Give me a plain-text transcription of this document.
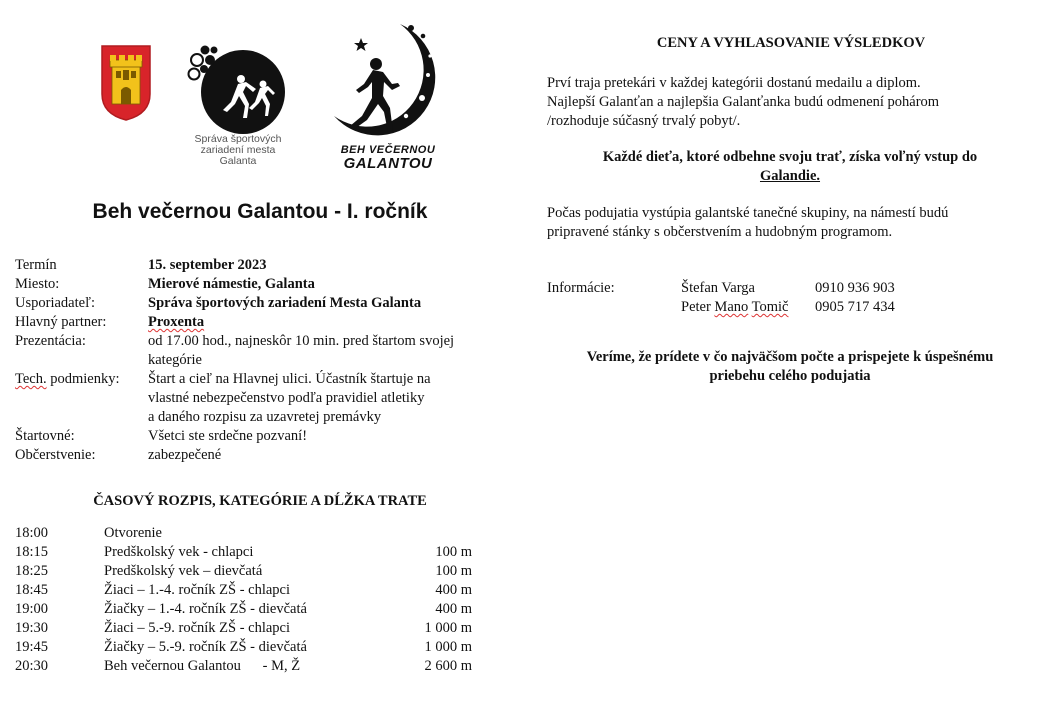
Správa športových
zariadení mesta
Galanta
BEH VEČERNOU
GALANTOU
Beh večernou Galantou - I. ročník
Termín	15. september 2023
Miesto:	Mierové námestie, Galanta
Usporiadateľ:	Správa športových zariadení Mesta Galanta
Hlavný partner:	Proxenta
Prezentácia:	od 17.00 hod., najneskôr 10 min. pred štartom svojej
kategórie
Tech. podmienky:	Štart a cieľ na Hlavnej ulici. Účastník štartuje na
vlastné nebezpečenstvo podľa pravidiel atletiky
a daného rozpisu za uzavretej premávky
Štartovné:	Všetci ste srdečne pozvaní!
Občerstvenie:	zabezpečené
ČASOVÝ ROZPIS, KATEGÓRIE A DĹŽKA TRATE
18:00	Otvorenie
18:15	Predškolský vek - chlapci	100 m
18:25	Predškolský vek – dievčatá	100 m
18:45	Žiaci – 1.-4. ročník ZŠ - chlapci	400 m
19:00	Žiačky – 1.-4. ročník ZŠ - dievčatá	400 m
19:30	Žiaci – 5.-9. ročník ZŠ - chlapci	1 000 m
19:45	Žiačky – 5.-9. ročník ZŠ - dievčatá	1 000 m
20:30	Beh večernou Galantou      - M, Ž	2 600 m
CENY A VYHLASOVANIE VÝSLEDKOV
Prví traja pretekári v každej kategórii dostanú medailu a diplom.
Najlepší Galanťan a najlepšia Galanťanka budú odmenení pohárom
/rozhoduje súčasný trvalý pobyt/.
Každé dieťa, ktoré odbehne svoju trať, získa voľný vstup do
Galandie.
Počas podujatia vystúpia galantské tanečné skupiny, na námestí budú
pripravené stánky s občerstvením a hudobným programom.
Informácie:	Štefan Varga	0910 936 903
Peter Mano Tomič 0905 717 434
Veríme, že prídete v čo najväčšom počte a prispejete k úspešnému
priebehu celého podujatia
